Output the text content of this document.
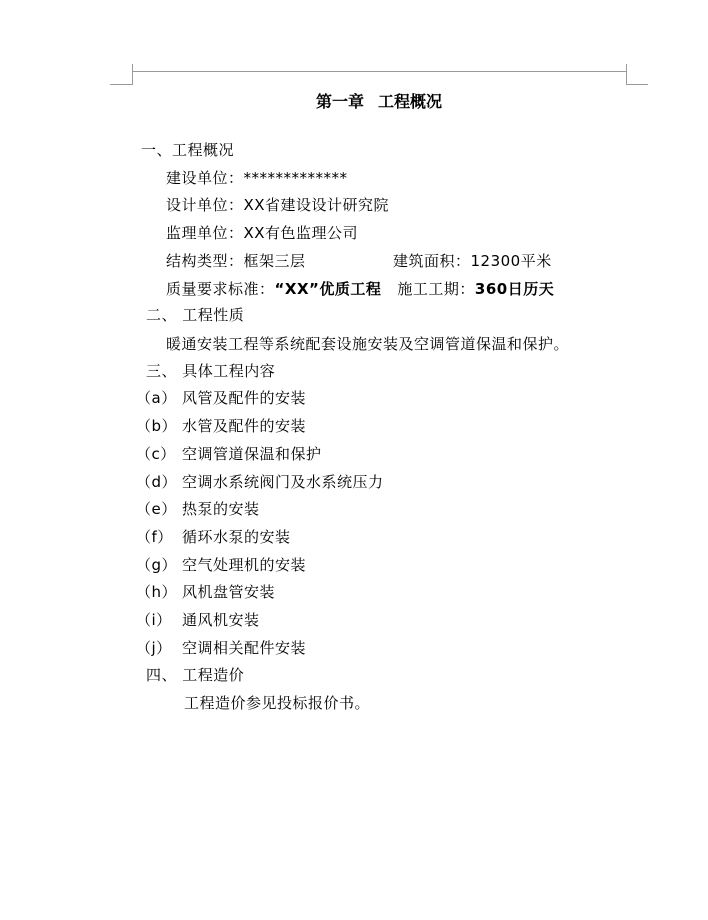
第一章 工程概况
一、工程概况
建设单位：*************
设计单位：XX省建设设计研究院
监理单位：XX有色监理公司
结构类型：框架三层	建筑面积：12300平米
质量要求标准：“XX”优质工程 施工工期：360日历天
二、 工程性质
暖通安装工程等系统配套设施安装及空调管道保温和保护。
三、 具体工程内容
（a） 风管及配件的安装
（b） 水管及配件的安装
（c） 空调管道保温和保护
（d） 空调水系统阀门及水系统压力
（e） 热泵的安装
（f） 循环水泵的安装
（g） 空气处理机的安装
（h） 风机盘管安装
（i） 通风机安装
（j） 空调相关配件安装
四、 工程造价
工程造价参见投标报价书。
